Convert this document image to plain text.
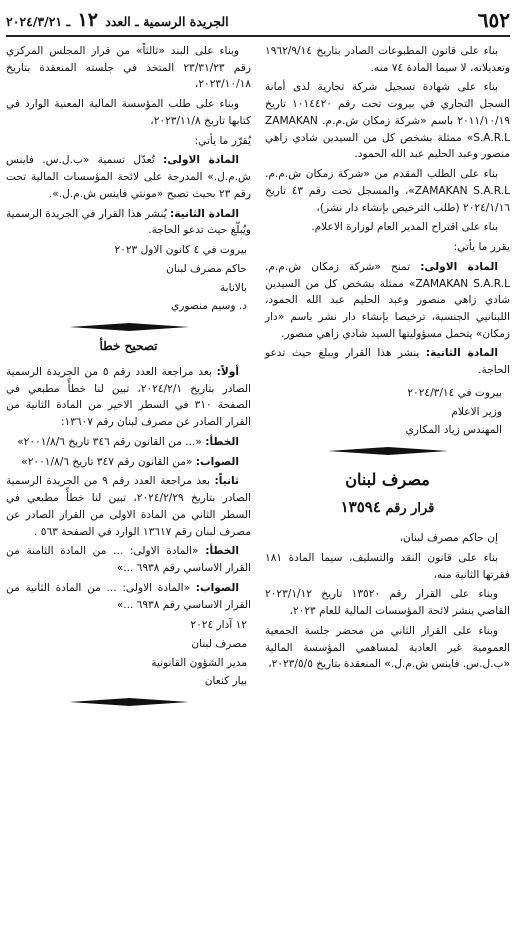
٦٥٢
الجريدة الرسمية ـ العدد ١٢ ـ ٢٠٢٤/٣/٢١

بناء على قانون المطبوعات الصادر بتاريخ ١٩٦٢/٩/١٤ وتعديلاته، لا سيما المادة ٧٤ منه.

بناء على شهادة تسجيل شركة تجارية لدى أمانة السجل التجاري في بيروت تحت رقم ١٠١٤٤٢٠ تاريخ ٢٠١١/١٠/١٩ باسم «شركة زمكان ش.م.م. ZAMAKAN S.A.R.L» ممثلة بشخص كل من السيدين شادي زاهي منصور وعبد الحليم عبد الله الحمود.

بناء على الطلب المقدم من «شركة زمكان ش.م.م. ZAMAKAN S.A.R.L»، والمسجل تحت رقم ٤٣ تاريخ ٢٠٢٤/١/١٦ (طلب الترخيص بإنشاء دار نشر)،

بناء على اقتراح المدير العام لوزارة الاعلام.

يقرر ما يأتي:

المادة الاولى: تمنح «شركة زمكان ش.م.م. ZAMAKAN S.A.R.L» ممثلة بشخص كل من السيدين شادي زاهي منصور وعبد الحليم عبد الله الحمود، اللبنانيي الجنسية، ترخيصا بإنشاء دار نشر باسم «دار زمكان» يتحمل مسؤوليتها السيد شادي زاهي منصور.

المادة الثانية: ينشر هذا القرار ويبلغ حيث تدعو الحاجة.

بيروت في ٢٠٢٤/٣/١٤

وزير الاعلام

المهندس زياد المكاري

مصرف لبنان
قرار رقم ١٣٥٩٤

إن حاكم مصرف لبنان،

بناء على قانون النقد والتسليف، سيما المادة ١٨١ فقرتها الثانية منه،

وبناء على القرار رقم ١٣٥٢٠ تاريخ ٢٠٢٣/١/١٢ القاضي بنشر لائحة المؤسسات المالية للعام ٢٠٢٣،

وبناء على القرار الثاني من محضر جلسة الجمعية العمومية غير العادية لمساهمي المؤسسة المالية «ب.ل.س. فاينس ش.م.ل.» المنعقدة بتاريخ ٢٠٢٣/٥/٥،

وبناء على البند «ثالثاً» من قرار المجلس المركزي رقم ٢٣/٣١/٢٣ المتخذ في جلسته المنعقدة بتاريخ ٢٠٢٣/١٠/١٨،

وبناء على طلب المؤسسة المالية المعنية الوارد في كتابها تاريخ ٢٠٢٣/١١/٨،

يُقرّر ما يأتي:

المادة الاولى: تُعدّل تسمية «ب.ل.س. فاينس ش.م.ل.» المدرجة على لائحة المؤسسات المالية تحت رقم ٢٣ بحيث تصبح «مونتي فاينس ش.م.ل.».

المادة الثانية: يُنشر هذا القرار في الجريدة الرسمية ويُبلّغ حيث تدعو الحاجة.

بيروت في ٤ كانون الاول ٢٠٢٣

حاكم مصرف لبنان

بالانابة

د. وسيم منصوري

تصحيح خطأ

أولاً: بعد مراجعة العدد رقم ٥ من الجريدة الرسمية الصادر بتاريخ ٢٠٢٤/٢/١، تبين لنا خطأً مطبعي في الصفحة ٣١٠ في السطر الاخير من المادة الثانية من القرار الصادر عن مصرف لبنان رقم ١٣٦٠٧:

الخطأ: «... من القانون رقم ٣٤٦ تاريخ ٢٠٠١/٨/٦»

الصواب: «من القانون رقم ٣٤٧ تاريخ ٢٠٠١/٨/٦»

ثانياً: بعد مراجعة العدد رقم ٩ من الجريدة الرسمية الصادر بتاريخ ٢٠٢٤/٢/٢٩، تبين لنا خطأً مطبعي في السطر الثاني من المادة الاولى من القرار الصادر عن مصرف لبنان رقم ١٣٦١٧ الوارد في الصفحة ٥٦٣ .

الخطأ: «المادة الاولى: ... من المادة الثامنة من القرار الاساسي رقم ٦٩٣٨ ...»

الصواب: «المادة الاولى: ... من المادة الثانية من القرار الاساسي رقم ٦٩٣٨ ...»

١٢ آذار ٢٠٢٤

مصرف لبنان

مدير الشؤون القانونية

بيار كنعان
